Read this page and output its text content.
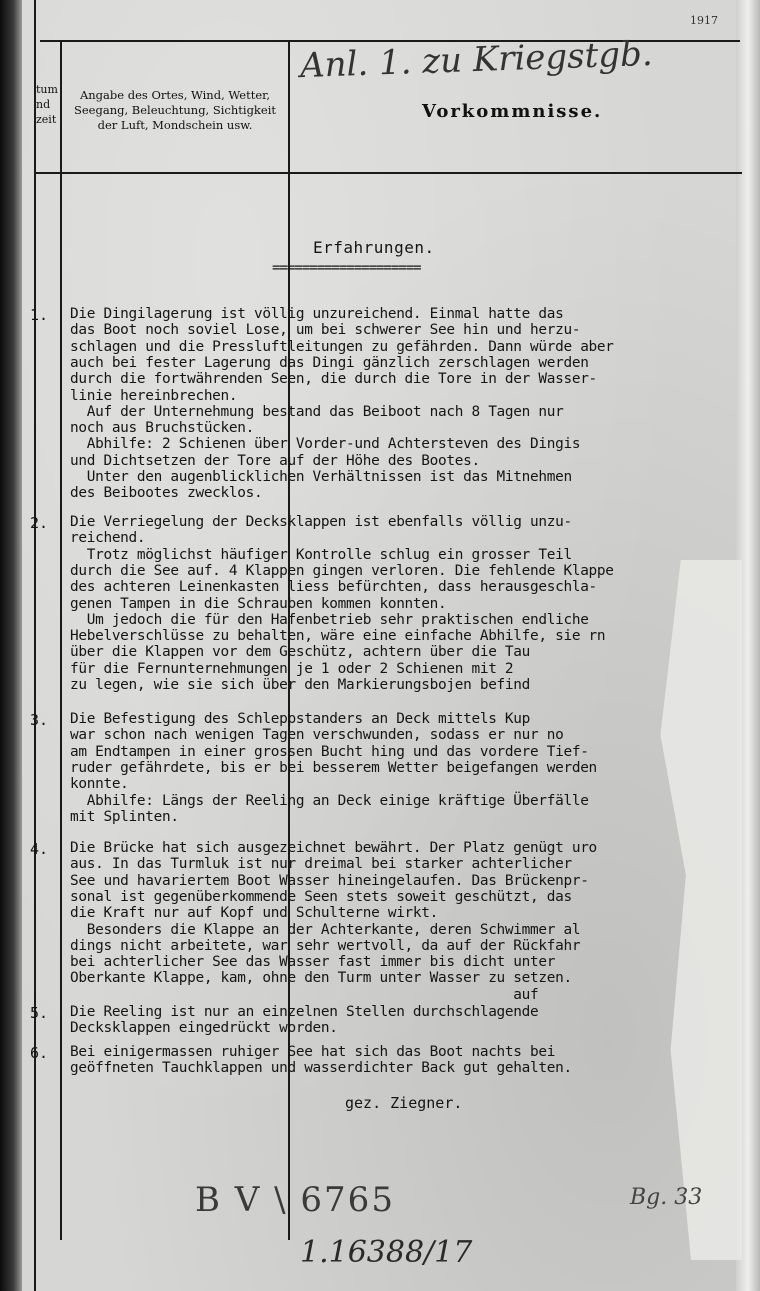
tum
nd
zeit
Angabe des Ortes, Wind, Wetter,
Seegang, Beleuchtung, Sichtigkeit
der Luft, Mondschein usw.
Vorkommnisse.
Anl. 1. zu Kriegstgb.
1917
Erfahrungen.
====================
1. Die Dingilagerung ist völlig unzureichend. Einmal hatte das
das Boot noch soviel Lose, um bei schwerer See hin und herzu-
schlagen und die Pressluftleitungen zu gefährden. Dann würde aber
auch bei fester Lagerung das Dingi gänzlich zerschlagen werden
durch die fortwährenden Seen, die durch die Tore in der Wasser-
linie hereinbrechen.
Auf der Unternehmung bestand das Beiboot nach 8 Tagen nur
noch aus Bruchstücken.
Abhilfe: 2 Schienen über Vorder-und Achtersteven des Dingis
und Dichtsetzen der Tore auf der Höhe des Bootes.
Unter den augenblicklichen Verhältnissen ist das Mitnehmen
des Beibootes zwecklos.
2. Die Verriegelung der Decksklappen ist ebenfalls völlig unzu-
reichend.
Trotz möglichst häufiger Kontrolle schlug ein grosser Teil
durch die See auf. 4 Klappen gingen verloren. Die fehlende Klappe
des achteren Leinenkasten liess befürchten, dass herausgeschla-
genen Tampen in die Schrauben kommen konnten.
Um jedoch die für den Hafenbetrieb sehr praktischen endliche
Hebelverschlüsse zu behalten, wäre eine einfache Abhilfe, sie rn
über die Klappen vor dem Geschütz, achtern über die Tau
für die Fernunternehmungen je 1 oder 2 Schienen mit 2
zu legen, wie sie sich über den Markierungsbojen befind
3. Die Befestigung des Schleppstanders an Deck mittels Kup
war schon nach wenigen Tagen verschwunden, sodass er nur no
am Endtampen in einer grossen Bucht hing und das vordere Tief-
ruder gefährdete, bis er bei besserem Wetter beigefangen werden
konnte.
Abhilfe: Längs der Reeling an Deck einige kräftige Überfälle
mit Splinten.
4. Die Brücke hat sich ausgezeichnet bewährt. Der Platz genügt uro
aus. In das Turmluk ist nur dreimal bei starker achterlicher
See und havariertem Boot Wasser hineingelaufen. Das Brückenpr-
sonal ist gegenüberkommende Seen stets soweit geschützt, das
die Kraft nur auf Kopf und Schulterne wirkt.
Besonders die Klappe an der Achterkante, deren Schwimmer al
dings nicht arbeitete, war sehr wertvoll, da auf der Rückfahr
bei achterlicher See das Wasser fast immer bis dicht unter
Oberkante Klappe, kam, ohne den Turm unter Wasser zu setzen.
auf
5. Die Reeling ist nur an einzelnen Stellen durchschlagende
Decksklappen eingedrückt worden.
6. Bei einigermassen ruhiger See hat sich das Boot nachts bei
geöffneten Tauchklappen und wasserdichter Back gut gehalten.
gez. Ziegner.
B V \ 6765
1.16388/17
Bg. 33
